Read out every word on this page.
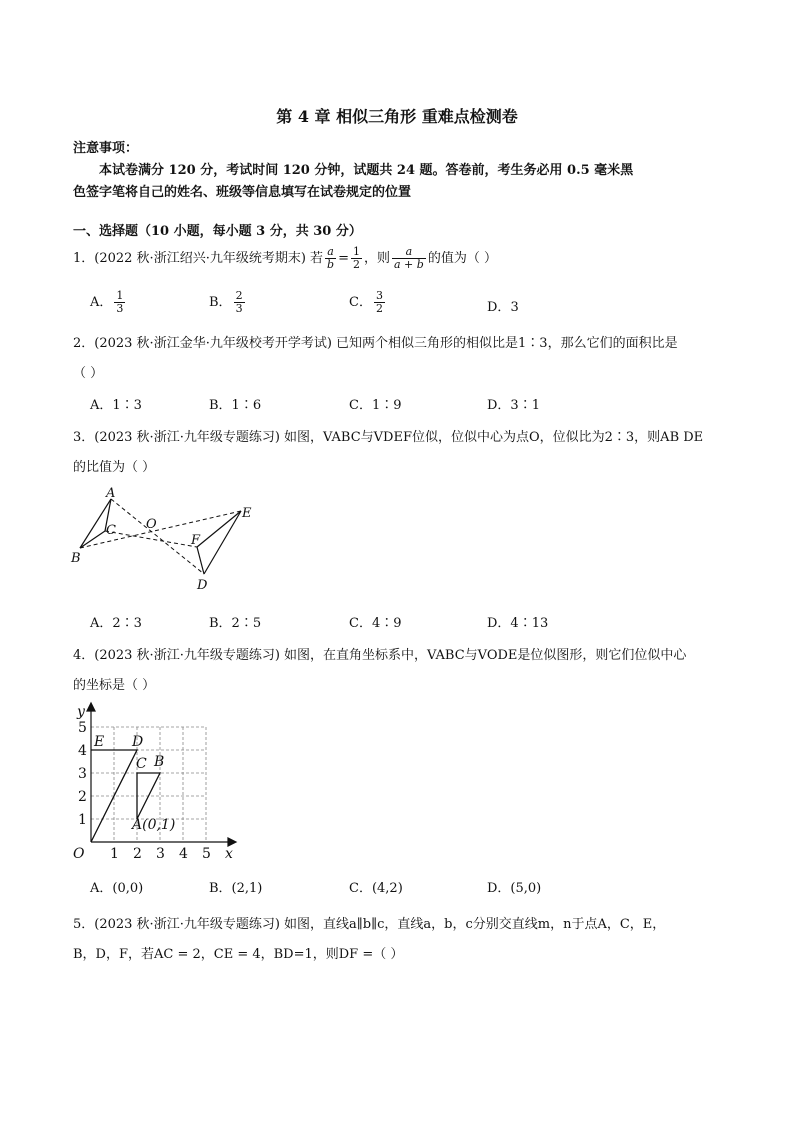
第 4 章 相似三角形 重难点检测卷
注意事项：
本试卷满分 120 分，考试时间 120 分钟，试题共 24 题。答卷前，考生务必用 0.5 毫米黑
色签字笔将自己的姓名、班级等信息填写在试卷规定的位置
一、选择题（10 小题，每小题 3 分，共 30 分）
1．(2022 秋·浙江绍兴·九年级统考期末) 若 $\frac{a}{b} = \frac{1}{2}$ ，则 $\frac{a}{a + b}$ 的值为（ ）
A． $\frac{1}{3}$	B． $\frac{2}{3}$	C． $\frac{3}{2}$	D．3
2．(2023 秋·浙江金华·九年级校考开学考试) 已知两个相似三角形的相似比是1∶3，那么它们的面积比是
（ ）
A．1∶3	B．1∶6	C．1∶9	D．3∶1
3．(2023 秋·浙江·九年级专题练习) 如图，VABC与VDEF位似，位似中心为点O，位似比为2∶3，则AB DE
的比值为（ ）
A
B
C O
E
F
D
A．2∶3	B．2∶5	C．4∶9	D．4∶13
4．(2023 秋·浙江·九年级专题练习) 如图，在直角坐标系中，VABC与VODE是位似图形，则它们位似中心
的坐标是（ ）
y
x
O 1 2 3 4 5
1
2
3
4
5
E D
C B
A(0,1)
A．(0,0)	B．(2,1)	C．(4,2)	D．(5,0)
5．(2023 秋·浙江·九年级专题练习) 如图，直线a∥b∥c，直线a，b，c分别交直线m，n于点A，C，E，
B，D，F，若AC = 2，CE = 4，BD=1，则DF =（ ）
